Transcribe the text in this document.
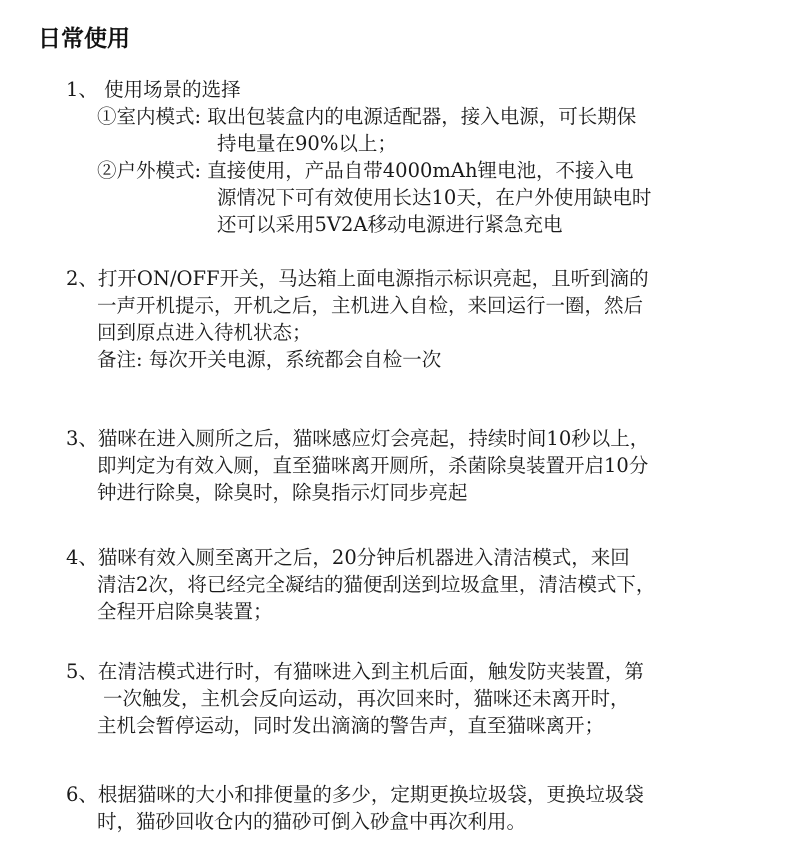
日常使用
1、 使用场景的选择
①室内模式: 取出包装盒内的电源适配器，接入电源，可长期保
持电量在90%以上；
②户外模式: 直接使用，产品自带4000mAh锂电池，不接入电
源情况下可有效使用长达10天，在户外使用缺电时
还可以采用5V2A移动电源进行紧急充电
2、打开ON/OFF开关，马达箱上面电源指示标识亮起，且听到滴的
一声开机提示，开机之后，主机进入自检，来回运行一圈，然后
回到原点进入待机状态；
备注: 每次开关电源，系统都会自检一次
3、猫咪在进入厕所之后，猫咪感应灯会亮起，持续时间10秒以上，
即判定为有效入厕，直至猫咪离开厕所，杀菌除臭装置开启10分
钟进行除臭，除臭时，除臭指示灯同步亮起
4、猫咪有效入厕至离开之后，20分钟后机器进入清洁模式，来回
清洁2次，将已经完全凝结的猫便刮送到垃圾盒里，清洁模式下，
全程开启除臭装置；
5、在清洁模式进行时，有猫咪进入到主机后面，触发防夹装置，第
一次触发，主机会反向运动，再次回来时，猫咪还未离开时，
主机会暂停运动，同时发出滴滴的警告声，直至猫咪离开；
6、根据猫咪的大小和排便量的多少，定期更换垃圾袋，更换垃圾袋
时，猫砂回收仓内的猫砂可倒入砂盒中再次利用。
